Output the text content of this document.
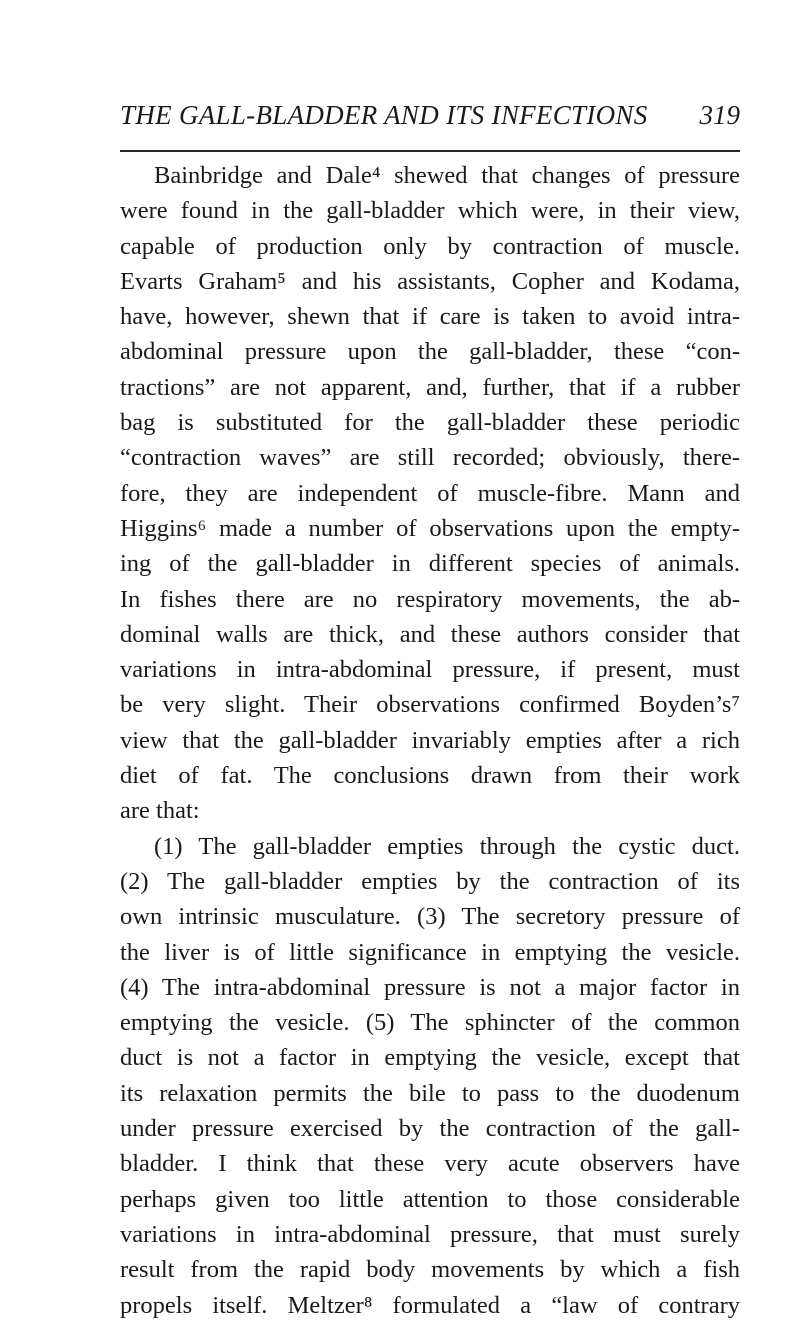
THE GALL-BLADDER AND ITS INFECTIONS 319
Bainbridge and Dale⁴ shewed that changes of pressure
were found in the gall-bladder which were, in their view,
capable of production only by contraction of muscle.
Evarts Graham⁵ and his assistants, Copher and Kodama,
have, however, shewn that if care is taken to avoid intra-
abdominal pressure upon the gall-bladder, these “con-
tractions” are not apparent, and, further, that if a rubber
bag is substituted for the gall-bladder these periodic
“contraction waves” are still recorded; obviously, there-
fore, they are independent of muscle-fibre. Mann and
Higgins⁶ made a number of observations upon the empty-
ing of the gall-bladder in different species of animals.
In fishes there are no respiratory movements, the ab-
dominal walls are thick, and these authors consider that
variations in intra-abdominal pressure, if present, must
be very slight. Their observations confirmed Boyden’s⁷
view that the gall-bladder invariably empties after a rich
diet of fat. The conclusions drawn from their work
are that:
(1) The gall-bladder empties through the cystic duct.
(2) The gall-bladder empties by the contraction of its
own intrinsic musculature. (3) The secretory pressure of
the liver is of little significance in emptying the vesicle.
(4) The intra-abdominal pressure is not a major factor in
emptying the vesicle. (5) The sphincter of the common
duct is not a factor in emptying the vesicle, except that
its relaxation permits the bile to pass to the duodenum
under pressure exercised by the contraction of the gall-
bladder. I think that these very acute observers have
perhaps given too little attention to those considerable
variations in intra-abdominal pressure, that must surely
result from the rapid body movements by which a fish
propels itself. Meltzer⁸ formulated a “law of contrary
